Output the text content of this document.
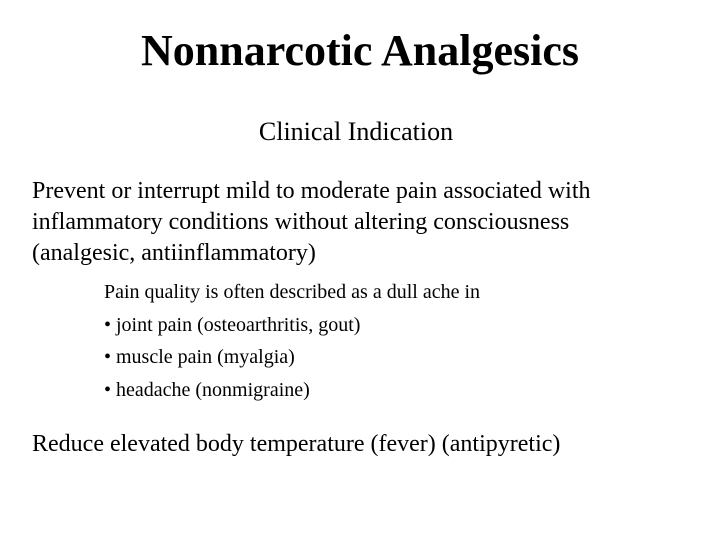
Nonnarcotic Analgesics
Clinical Indication
Prevent or interrupt mild to moderate pain associated with
inflammatory conditions without altering consciousness
(analgesic, antiinflammatory)
Pain quality is often described as a dull ache in
• joint pain (osteoarthritis, gout)
• muscle pain (myalgia)
• headache (nonmigraine)
Reduce elevated body temperature (fever) (antipyretic)
